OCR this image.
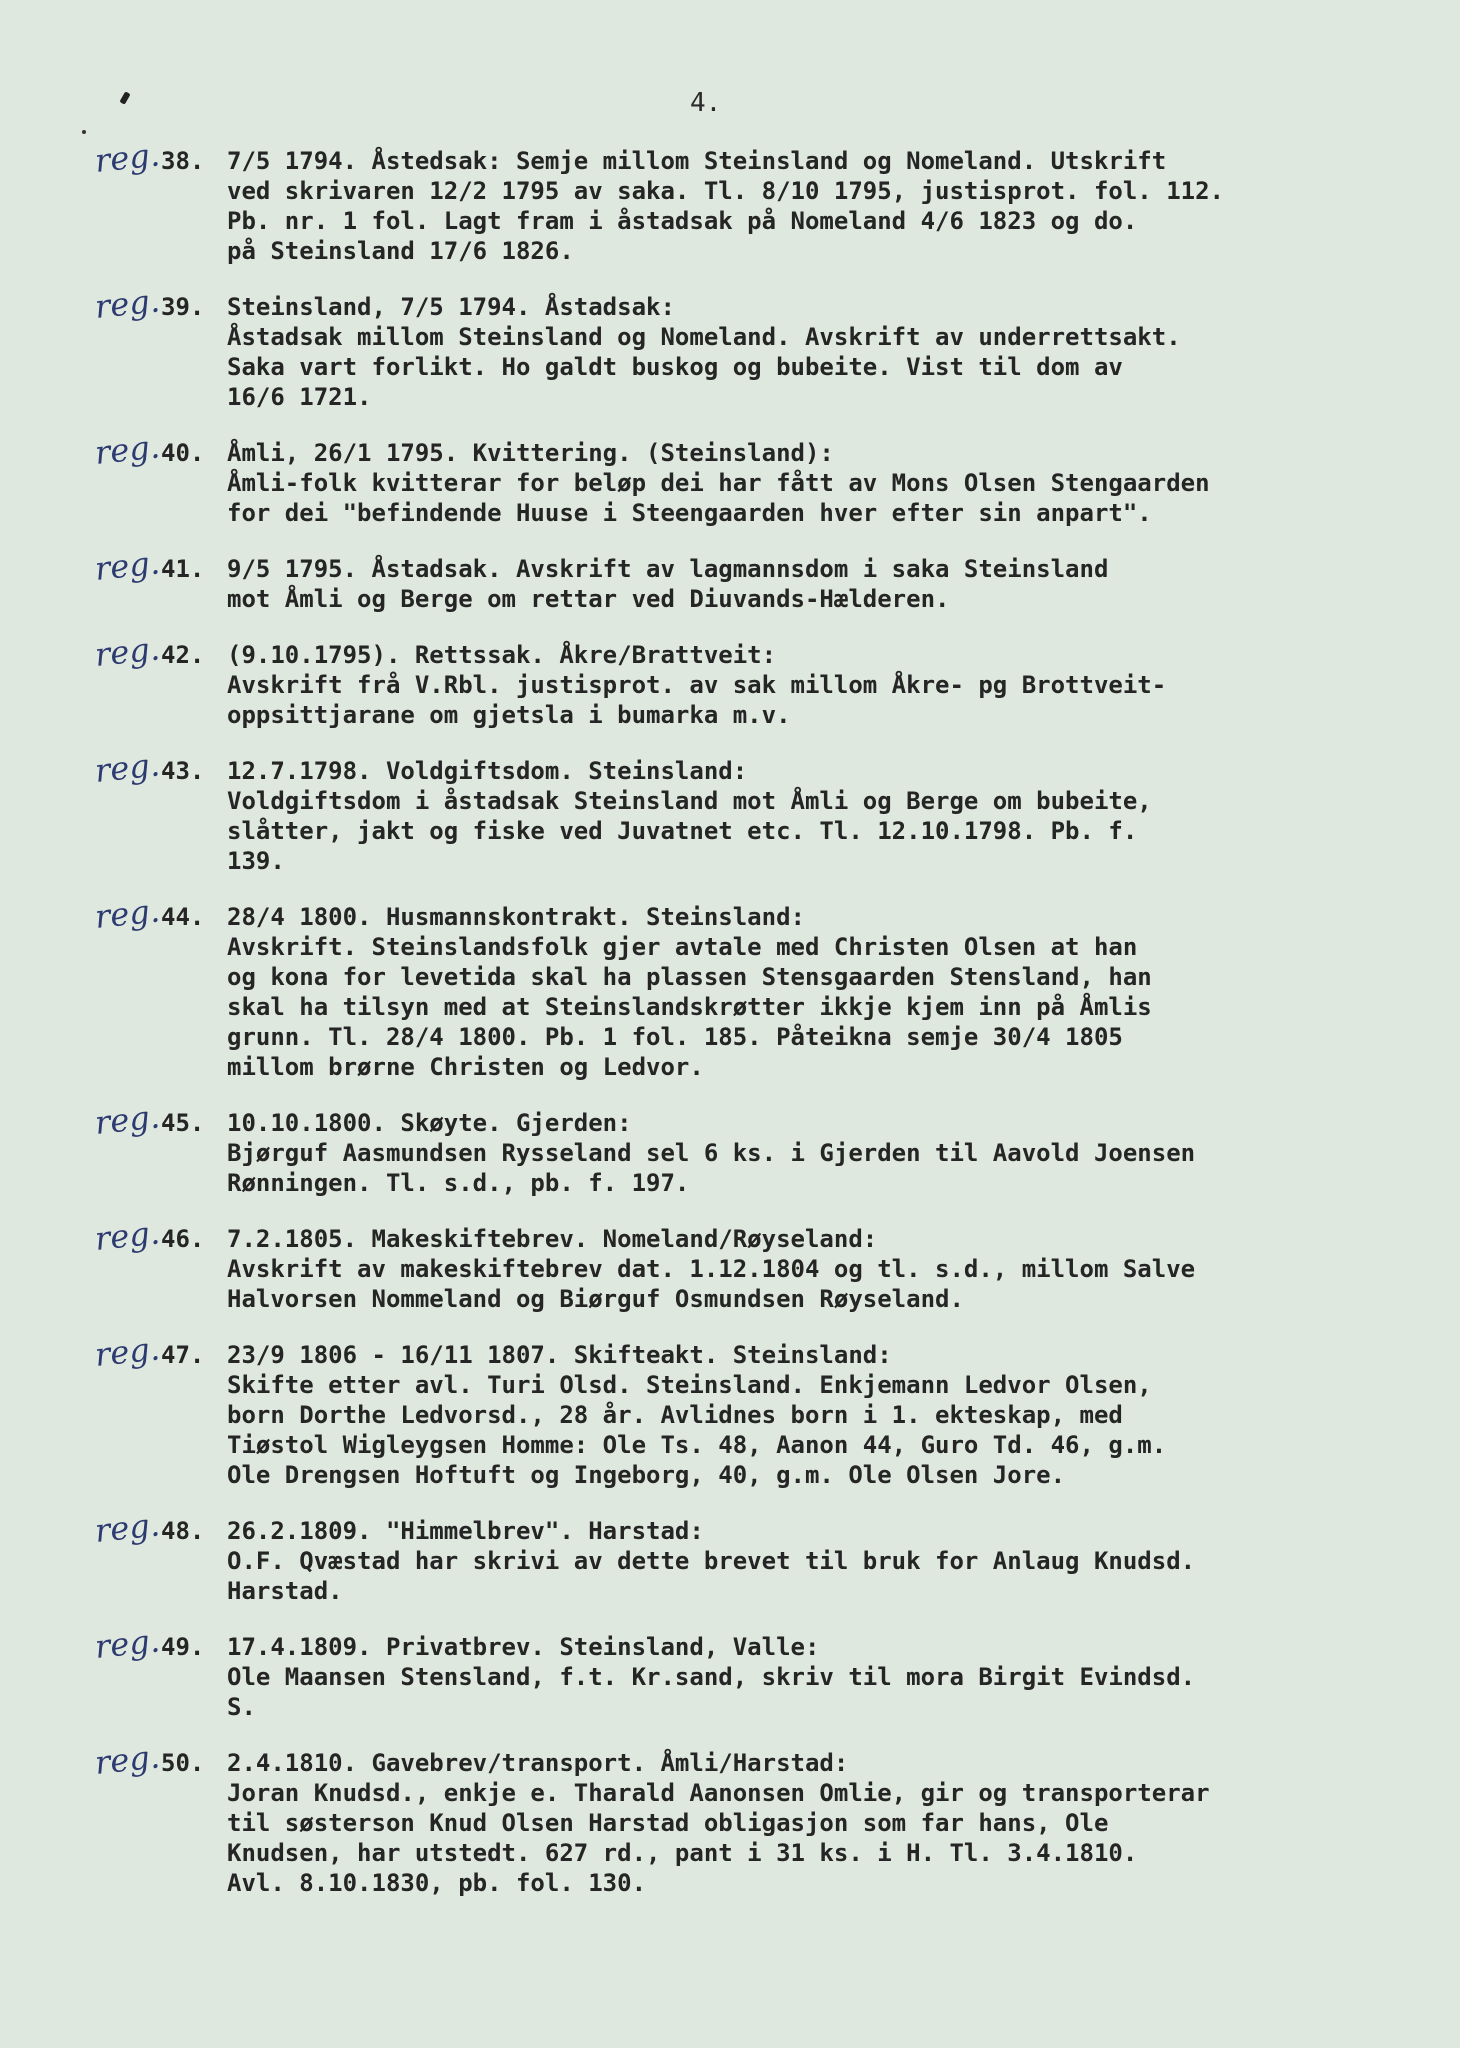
4.
reg. 38. 7/5 1794. Åstedsak: Semje millom Steinsland og Nomeland. Utskrift
ved skrivaren 12/2 1795 av saka. Tl. 8/10 1795, justisprot. fol. 112.
Pb. nr. 1 fol. Lagt fram i åstadsak på Nomeland 4/6 1823 og do.
på Steinsland 17/6 1826.
reg. 39. Steinsland, 7/5 1794. Åstadsak:
Åstadsak millom Steinsland og Nomeland. Avskrift av underrettsakt.
Saka vart forlikt. Ho galdt buskog og bubeite. Vist til dom av
16/6 1721.
reg. 40. Åmli, 26/1 1795. Kvittering. (Steinsland):
Åmli-folk kvitterar for beløp dei har fått av Mons Olsen Stengaarden
for dei "befindende Huuse i Steengaarden hver efter sin anpart".
reg. 41. 9/5 1795. Åstadsak. Avskrift av lagmannsdom i saka Steinsland
mot Åmli og Berge om rettar ved Diuvands-Hælderen.
reg. 42. (9.10.1795). Rettssak. Åkre/Brattveit:
Avskrift frå V.Rbl. justisprot. av sak millom Åkre- pg Brottveit-
oppsittjarane om gjetsla i bumarka m.v.
reg. 43. 12.7.1798. Voldgiftsdom. Steinsland:
Voldgiftsdom i åstadsak Steinsland mot Åmli og Berge om bubeite,
slåtter, jakt og fiske ved Juvatnet etc. Tl. 12.10.1798. Pb. f.
139.
reg. 44. 28/4 1800. Husmannskontrakt. Steinsland:
Avskrift. Steinslandsfolk gjer avtale med Christen Olsen at han
og kona for levetida skal ha plassen Stensgaarden Stensland, han
skal ha tilsyn med at Steinslandskrøtter ikkje kjem inn på Åmlis
grunn. Tl. 28/4 1800. Pb. 1 fol. 185. Påteikna semje 30/4 1805
millom brørne Christen og Ledvor.
reg. 45. 10.10.1800. Skøyte. Gjerden:
Bjørguf Aasmundsen Rysseland sel 6 ks. i Gjerden til Aavold Joensen
Rønningen. Tl. s.d., pb. f. 197.
reg. 46. 7.2.1805. Makeskiftebrev. Nomeland/Røyseland:
Avskrift av makeskiftebrev dat. 1.12.1804 og tl. s.d., millom Salve
Halvorsen Nommeland og Biørguf Osmundsen Røyseland.
reg. 47. 23/9 1806 - 16/11 1807. Skifteakt. Steinsland:
Skifte etter avl. Turi Olsd. Steinsland. Enkjemann Ledvor Olsen,
born Dorthe Ledvorsd., 28 år. Avlidnes born i 1. ekteskap, med
Tiøstol Wigleygsen Homme: Ole Ts. 48, Aanon 44, Guro Td. 46, g.m.
Ole Drengsen Hoftuft og Ingeborg, 40, g.m. Ole Olsen Jore.
reg. 48. 26.2.1809. "Himmelbrev". Harstad:
O.F. Qvæstad har skrivi av dette brevet til bruk for Anlaug Knudsd.
Harstad.
reg. 49. 17.4.1809. Privatbrev. Steinsland, Valle:
Ole Maansen Stensland, f.t. Kr.sand, skriv til mora Birgit Evindsd.
S.
reg. 50. 2.4.1810. Gavebrev/transport. Åmli/Harstad:
Joran Knudsd., enkje e. Tharald Aanonsen Omlie, gir og transporterar
til søsterson Knud Olsen Harstad obligasjon som far hans, Ole
Knudsen, har utstedt. 627 rd., pant i 31 ks. i H. Tl. 3.4.1810.
Avl. 8.10.1830, pb. fol. 130.
